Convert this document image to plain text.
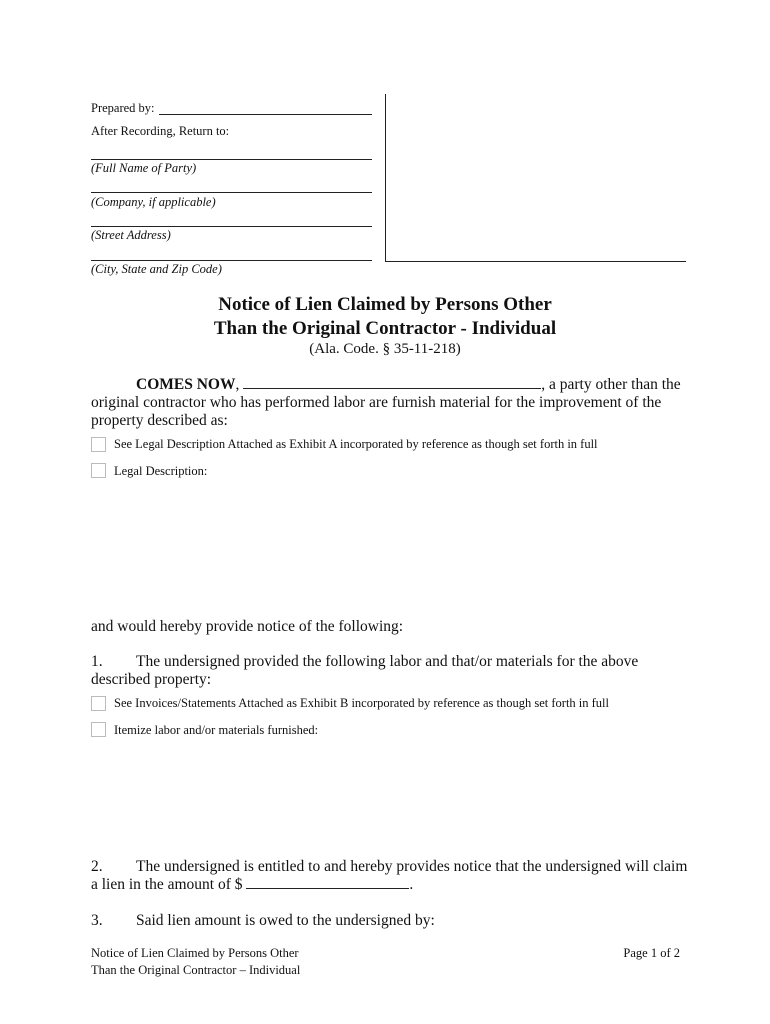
Prepared by:
After Recording, Return to:
(Full Name of Party)
(Company, if applicable)
(Street Address)
(City, State and Zip Code)
Notice of Lien Claimed by Persons Other
Than the Original Contractor - Individual
(Ala. Code. § 35-11-218)
COMES NOW,	, a party other than the
original contractor who has performed labor are furnish material for the improvement of the
property described as:
See Legal Description Attached as Exhibit A incorporated by reference as though set forth in full
Legal Description:
and would hereby provide notice of the following:
1. The undersigned provided the following labor and that/or materials for the above
described property:
See Invoices/Statements Attached as Exhibit B incorporated by reference as though set forth in full
Itemize labor and/or materials furnished:
2. The undersigned is entitled to and hereby provides notice that the undersigned will claim
a lien in the amount of $	.
3. Said lien amount is owed to the undersigned by:
Notice of Lien Claimed by Persons Other
Than the Original Contractor – Individual
Page 1 of 2
